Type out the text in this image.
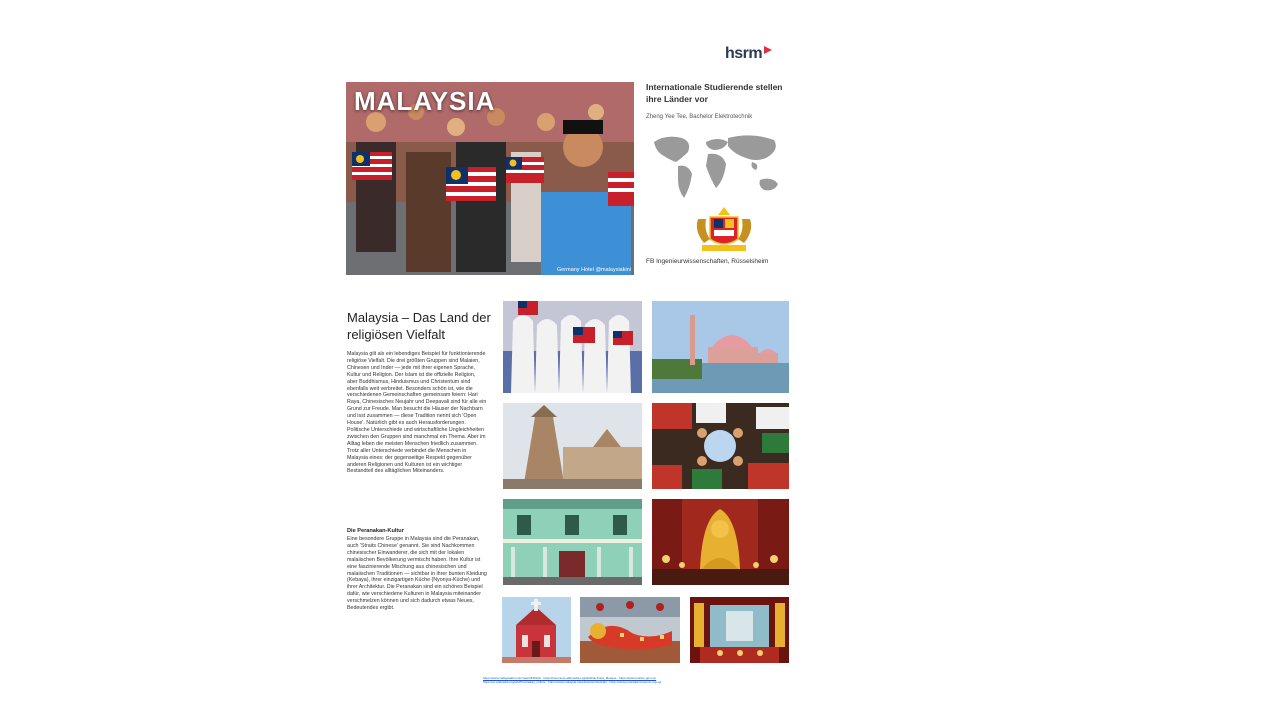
hsrm
MALAYSIA
Germany Hotel @malaysiakini
Internationale Studierende stellen ihre Länder vor
Zheng Yee Tee, Bachelor Elektrotechnik
FB Ingenieurwissenschaften, Rüsselsheim
Malaysia – Das Land der religiösen Vielfalt
Malaysia gilt als ein lebendiges Beispiel für funktionierende religiöse Vielfalt. Die drei größten Gruppen sind Malaien, Chinesen und Inder — jede mit ihrer eigenen Sprache, Kultur und Religion. Der Islam ist die offizielle Religion, aber Buddhismus, Hinduismus und Christentum sind ebenfalls weit verbreitet. Besonders schön ist, wie die verschiedenen Gemeinschaften gemeinsam feiern: Hari Raya, Chinesisches Neujahr und Deepavali sind für alle ein Grund zur Freude. Man besucht die Häuser der Nachbarn und isst zusammen — diese Tradition nennt sich 'Open House'. Natürlich gibt es auch Herausforderungen. Politische Unterschiede und wirtschaftliche Ungleichheiten zwischen den Gruppen sind manchmal ein Thema. Aber im Alltag leben die meisten Menschen friedlich zusammen. Trotz aller Unterschiede verbindet die Menschen in Malaysia eines: der gegenseitige Respekt gegenüber anderen Religionen und Kulturen ist ein wichtiger Bestandteil des alltäglichen Miteinanders.
Die Peranakan-Kultur
Eine besondere Gruppe in Malaysia sind die Peranakan, auch 'Straits Chinese' genannt. Sie sind Nachkommen chinesischer Einwanderer, die sich mit der lokalen malaiischen Bevölkerung vermischt haben. Ihre Kultur ist eine faszinierende Mischung aus chinesischen und malaiischen Traditionen — sichtbar in ihrer bunten Kleidung (Kebaya), ihrer einzigartigen Küche (Nyonya-Küche) und ihrer Architektur. Die Peranakan sind ein schönes Beispiel dafür, wie verschiedene Kulturen in Malaysia miteinander verschmelzen können und sich dadurch etwas Neues, Bedeutendes ergibt.
https://www.malaysiakini.com/news/539210 · https://commons.wikimedia.org/wiki/File:Putra_Mosque · https://www.tourism.gov.my/
https://en.wikipedia.org/wiki/Peranakan_culture · https://www.malaysia.travel/explore/festivals · https://www.peranakanmuseum.org.sg/
